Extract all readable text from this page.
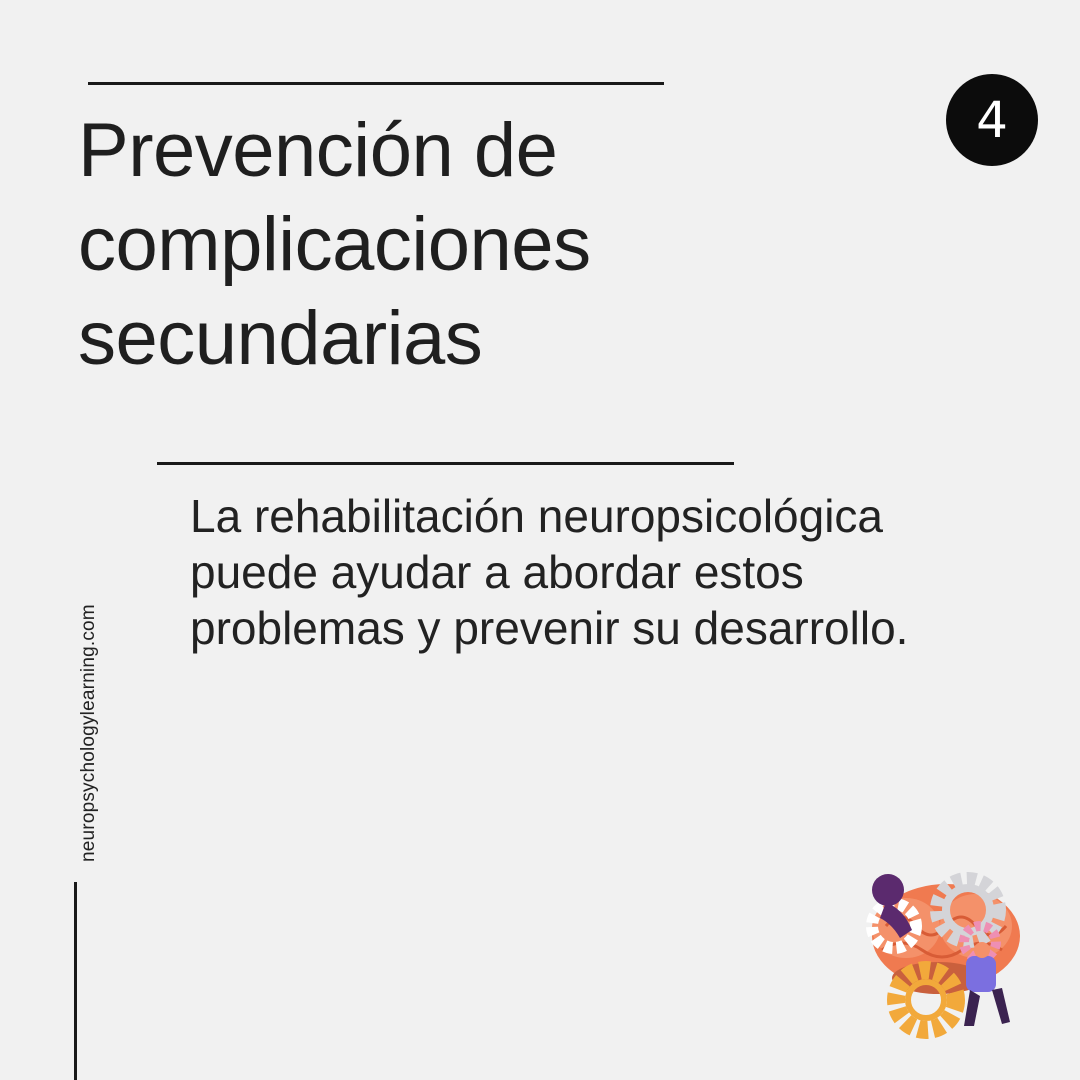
Prevención de
complicaciones
secundarias
4

La rehabilitación neuropsicológica
puede ayudar a abordar estos
problemas y prevenir su desarrollo.

neuropsychologylearning.com
